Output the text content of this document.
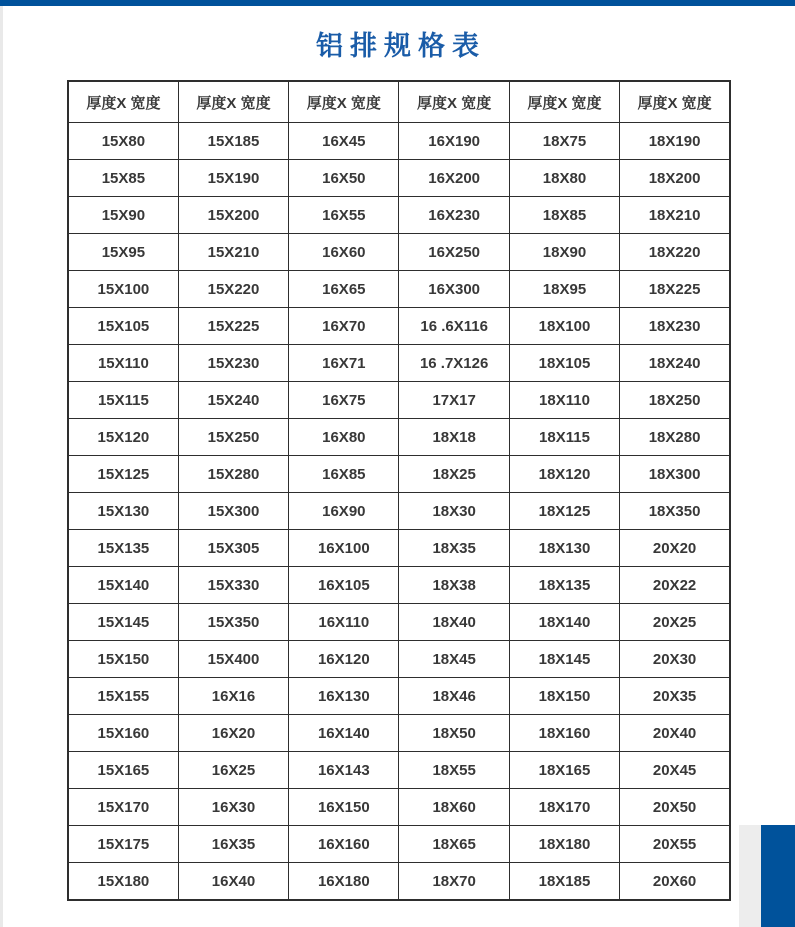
铝排规格表
厚度X 宽度	厚度X 宽度	厚度X 宽度	厚度X 宽度	厚度X 宽度	厚度X 宽度
15X80	15X185	16X45	16X190	18X75	18X190
15X85	15X190	16X50	16X200	18X80	18X200
15X90	15X200	16X55	16X230	18X85	18X210
15X95	15X210	16X60	16X250	18X90	18X220
15X100	15X220	16X65	16X300	18X95	18X225
15X105	15X225	16X70	16 .6X116	18X100	18X230
15X110	15X230	16X71	16 .7X126	18X105	18X240
15X115	15X240	16X75	17X17	18X110	18X250
15X120	15X250	16X80	18X18	18X115	18X280
15X125	15X280	16X85	18X25	18X120	18X300
15X130	15X300	16X90	18X30	18X125	18X350
15X135	15X305	16X100	18X35	18X130	20X20
15X140	15X330	16X105	18X38	18X135	20X22
15X145	15X350	16X110	18X40	18X140	20X25
15X150	15X400	16X120	18X45	18X145	20X30
15X155	16X16	16X130	18X46	18X150	20X35
15X160	16X20	16X140	18X50	18X160	20X40
15X165	16X25	16X143	18X55	18X165	20X45
15X170	16X30	16X150	18X60	18X170	20X50
15X175	16X35	16X160	18X65	18X180	20X55
15X180	16X40	16X180	18X70	18X185	20X60
